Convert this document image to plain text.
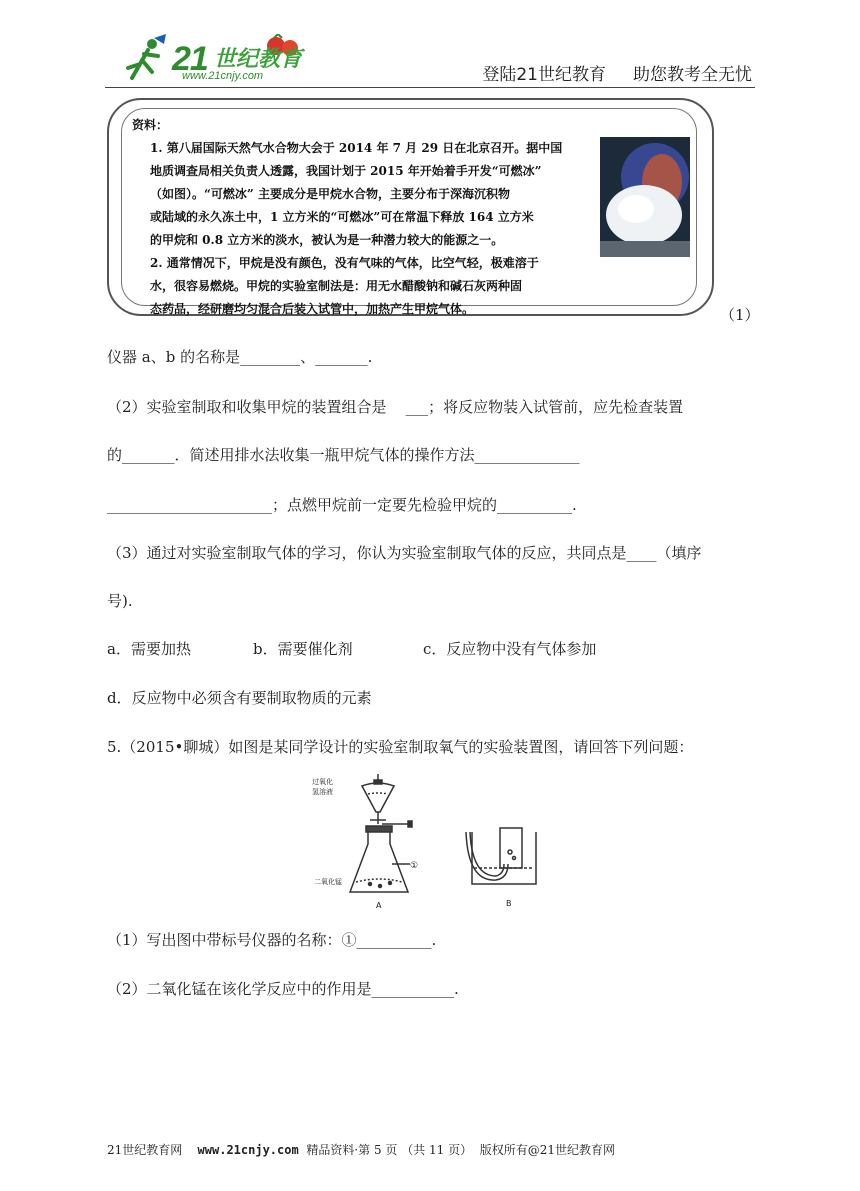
21 世纪教育
www.21cnjy.com	登陆21世纪教育     助您教考全无忧
资料：
1. 第八届国际天然气水合物大会于 2014 年 7 月 29 日在北京召开。据中国
地质调查局相关负责人透露，我国计划于 2015 年开始着手开发“可燃冰”
（如图）。“可燃冰” 主要成分是甲烷水合物，主要分布于深海沉积物
或陆域的永久冻土中，1 立方米的“可燃冰”可在常温下释放 164 立方米
的甲烷和 0.8 立方米的淡水，被认为是一种潜力较大的能源之一。
2. 通常情况下，甲烷是没有颜色，没有气味的气体，比空气轻，极难溶于
水，很容易燃烧。甲烷的实验室制法是：用无水醋酸钠和碱石灰两种固
态药品，经研磨均匀混合后装入试管中，加热产生甲烷气体。	（1）
仪器 a、b 的名称是________、_______.
（2）实验室制取和收集甲烷的装置组合是    ___；将反应物装入试管前，应先检查装置
的_______．简述用排水法收集一瓶甲烷气体的操作方法______________
______________________；点燃甲烷前一定要先检验甲烷的__________.
（3）通过对实验室制取气体的学习，你认为实验室制取气体的反应，共同点是____（填序
号).
a．需要加热	b．需要催化剂	c．反应物中没有气体参加
d．反应物中必须含有要制取物质的元素
5.（2015•聊城）如图是某同学设计的实验室制取氧气的实验装置图，请回答下列问题：
过氧化
氢溶液
二氧化锰
①
A	B
（1）写出图中带标号仪器的名称：①__________.
（2）二氧化锰在该化学反应中的作用是___________.
21世纪教育网 www.21cnjy.com 精品资料·第 5 页 （共 11 页） 版权所有@21世纪教育网
